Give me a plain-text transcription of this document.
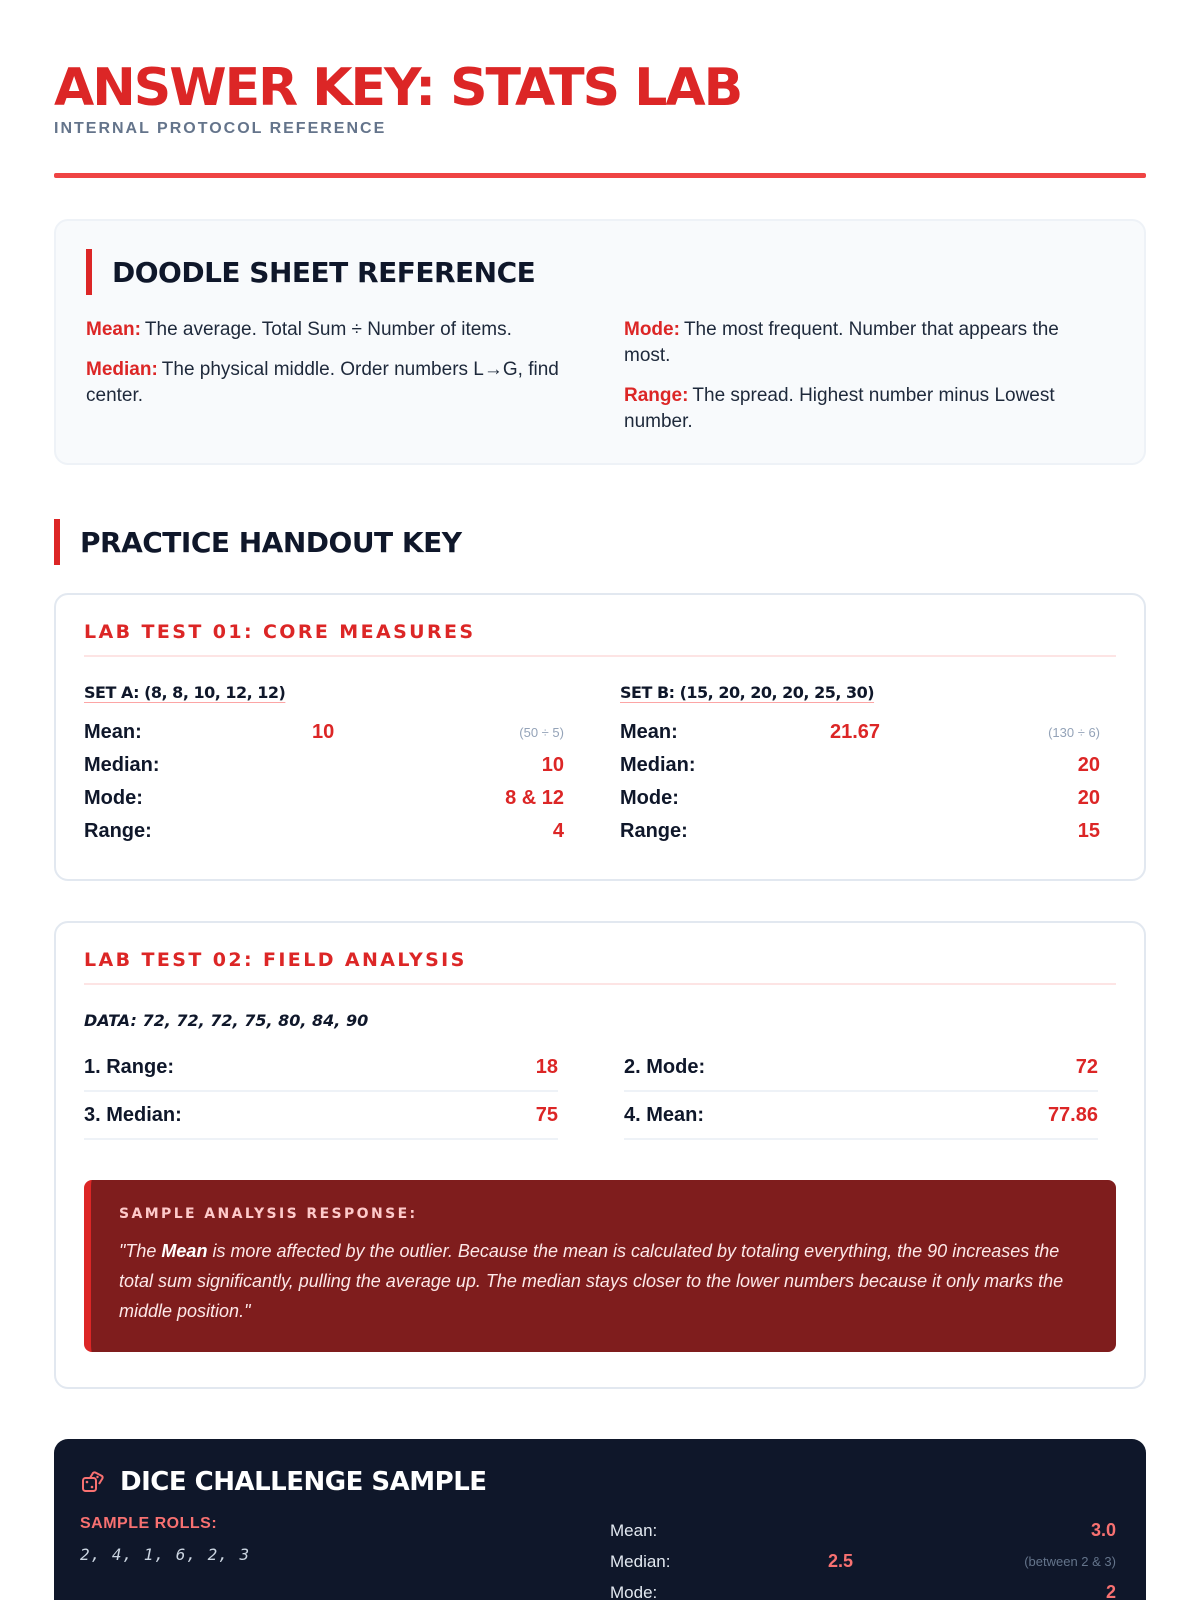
ANSWER KEY: STATS LAB
INTERNAL PROTOCOL REFERENCE
DOODLE SHEET REFERENCE

Mean: The average. Total Sum ÷ Number of items.

Median: The physical middle. Order numbers L→G, find center.

Mode: The most frequent. Number that appears the most.

Range: The spread. Highest number minus Lowest number.

PRACTICE HANDOUT KEY
LAB TEST 01: CORE MEASURES
SET A: (8, 8, 10, 12, 12)
Mean:	10	(50 ÷ 5)
Median:	10
Mode:	8 & 12
Range:	4
SET B: (15, 20, 20, 20, 25, 30)
Mean:	21.67	(130 ÷ 6)
Median:	20
Mode:	20
Range:	15
LAB TEST 02: FIELD ANALYSIS
DATA: 72, 72, 72, 75, 80, 84, 90
1. Range:	18	2. Mode:	72
3. Median:	75	4. Mean:	77.86
SAMPLE ANALYSIS RESPONSE:

"The Mean is more affected by the outlier. Because the mean is calculated by totaling everything, the 90 increases the total sum significantly, pulling the average up. The median stays closer to the lower numbers because it only marks the middle position."

DICE CHALLENGE SAMPLE
SAMPLE ROLLS:
2, 4, 1, 6, 2, 3
Mean:	3.0
Median:	2.5	(between 2 & 3)
Mode:	2
